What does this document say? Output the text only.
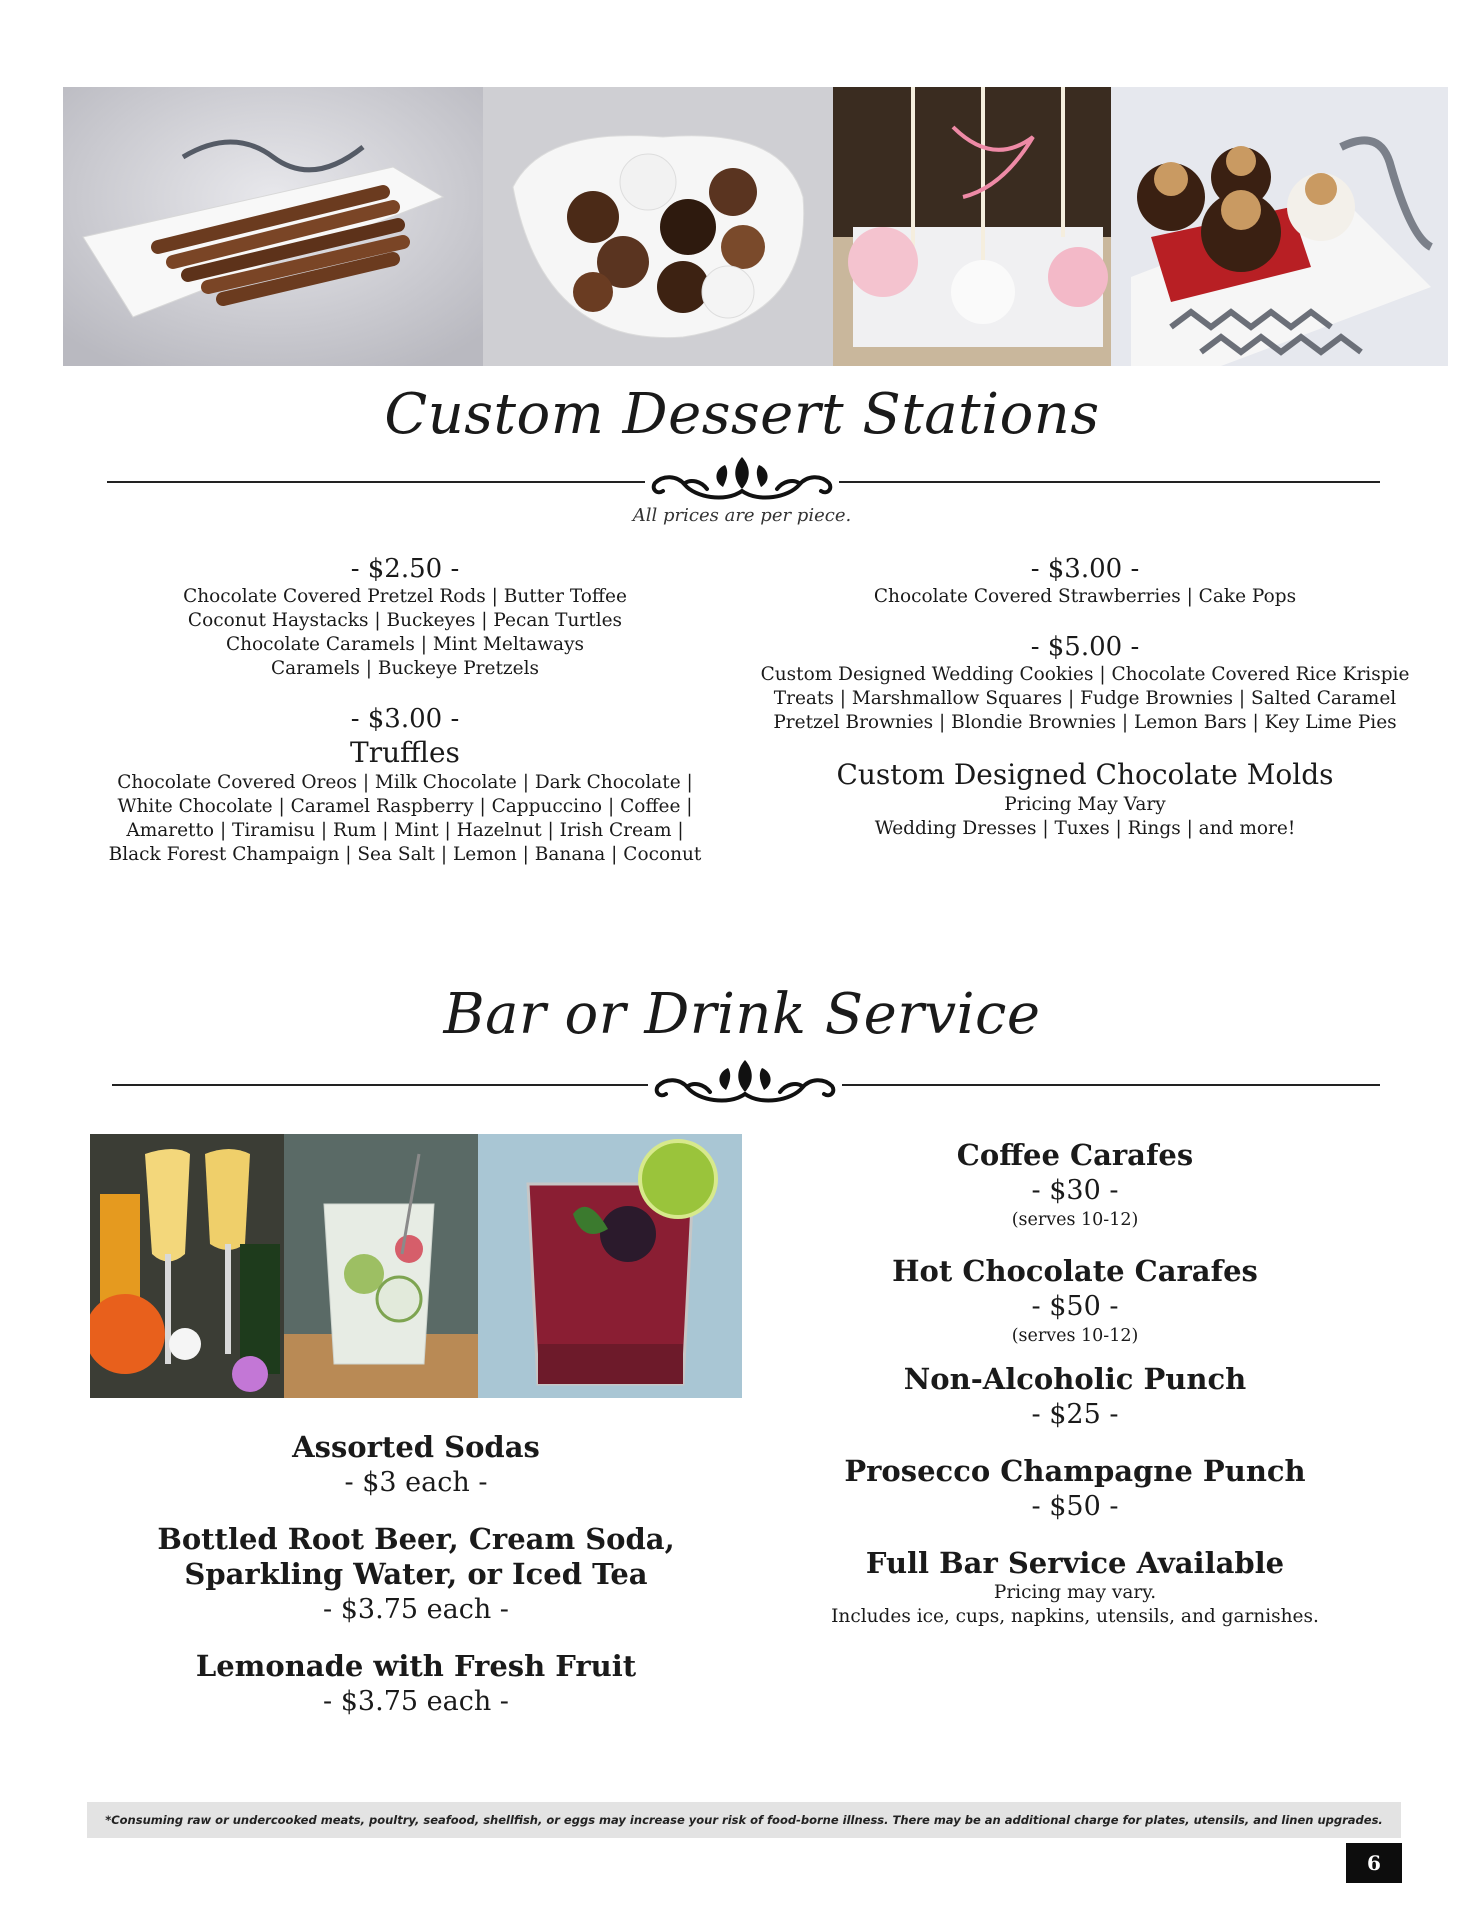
Custom Dessert Stations
All prices are per piece.
- $2.50 -
Chocolate Covered Pretzel Rods | Butter Toffee
Coconut Haystacks | Buckeyes | Pecan Turtles
Chocolate Caramels | Mint Meltaways
Caramels | Buckeye Pretzels
- $3.00 -
Truffles
Chocolate Covered Oreos | Milk Chocolate | Dark Chocolate |
White Chocolate | Caramel Raspberry | Cappuccino | Coffee |
Amaretto | Tiramisu | Rum | Mint | Hazelnut | Irish Cream |
Black Forest Champaign | Sea Salt | Lemon | Banana | Coconut
- $3.00 -
Chocolate Covered Strawberries | Cake Pops
- $5.00 -
Custom Designed Wedding Cookies | Chocolate Covered Rice Krispie
Treats | Marshmallow Squares | Fudge Brownies | Salted Caramel
Pretzel Brownies | Blondie Brownies | Lemon Bars | Key Lime Pies
Custom Designed Chocolate Molds
Pricing May Vary
Wedding Dresses | Tuxes | Rings | and more!
Bar or Drink Service
Assorted Sodas
- $3 each -
Bottled Root Beer, Cream Soda,
Sparkling Water, or Iced Tea
- $3.75 each -
Lemonade with Fresh Fruit
- $3.75 each -
Coffee Carafes
- $30 -
(serves 10-12)
Hot Chocolate Carafes
- $50 -
(serves 10-12)
Non-Alcoholic Punch
- $25 -
Prosecco Champagne Punch
- $50 -
Full Bar Service Available
Pricing may vary.
Includes ice, cups, napkins, utensils, and garnishes.
*Consuming raw or undercooked meats, poultry, seafood, shellfish, or eggs may increase your risk of food-borne illness. There may be an additional charge for plates, utensils, and linen upgrades.
6
